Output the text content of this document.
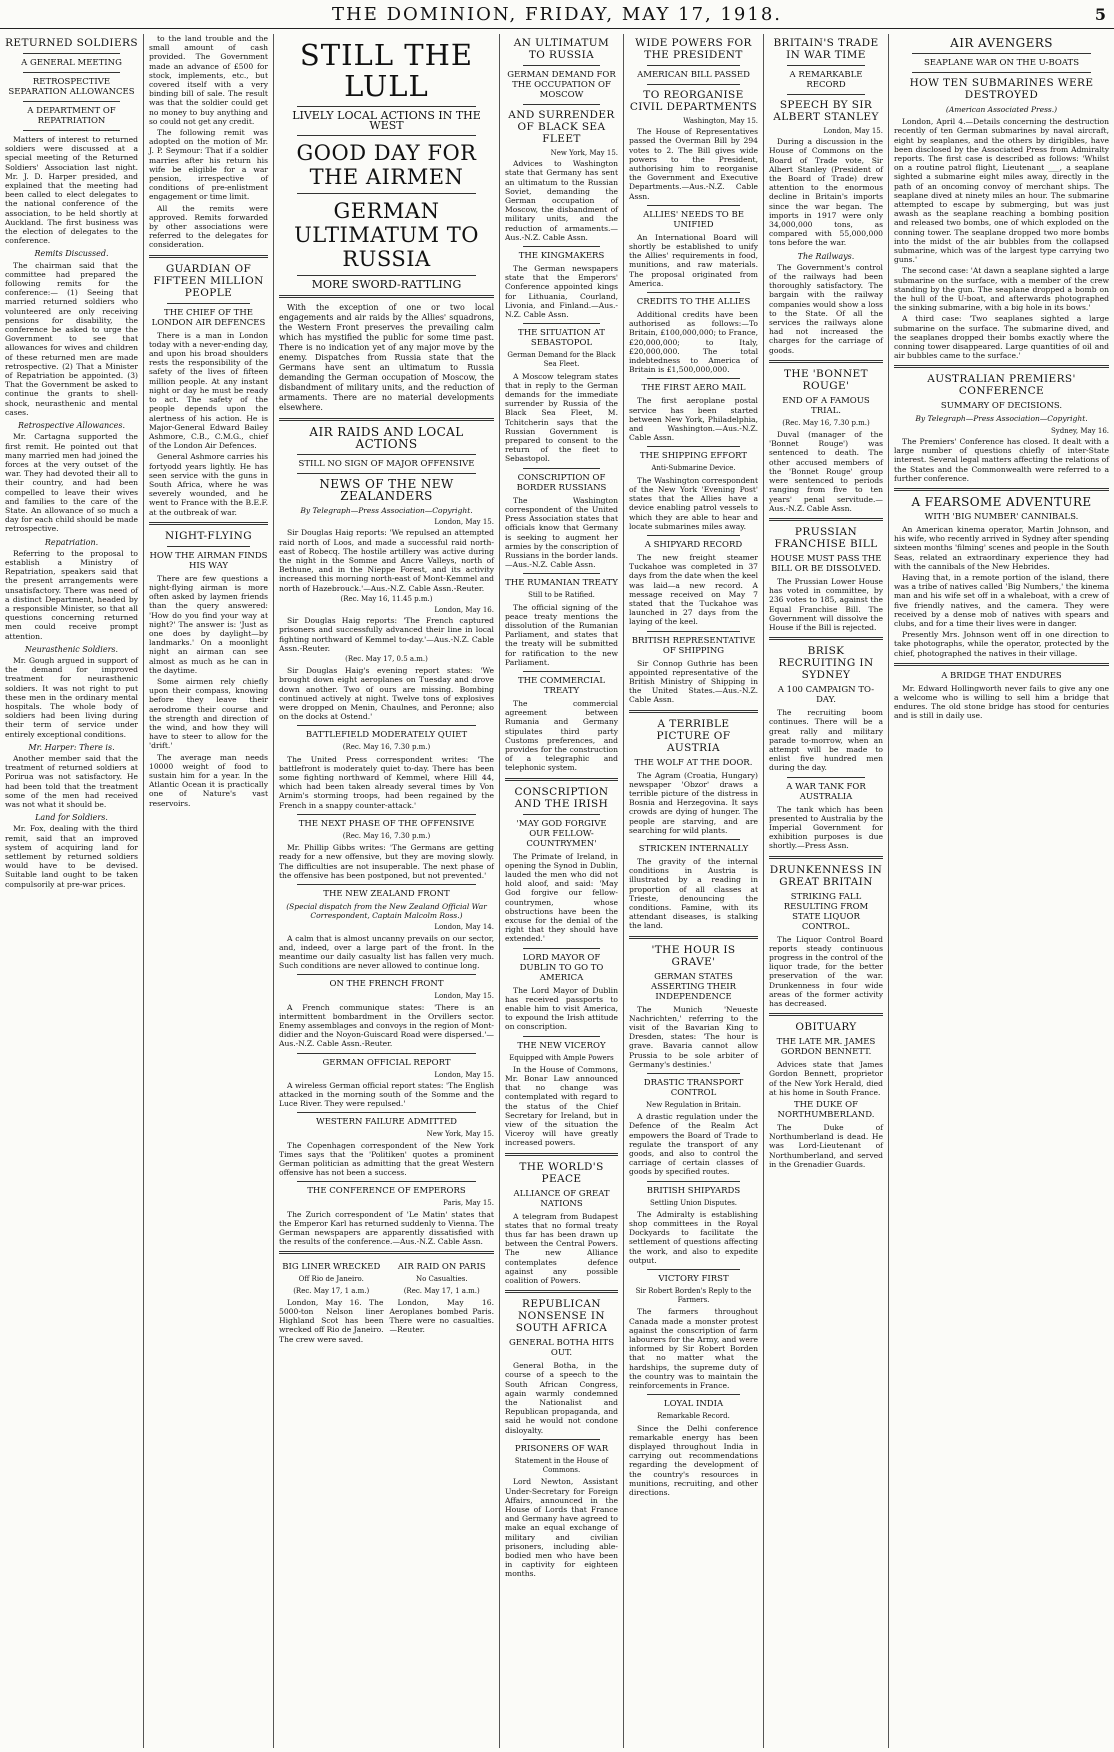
THE DOMINION, FRIDAY, MAY 17, 1918.	5
RETURNED SOLDIERS
A GENERAL MEETING
RETROSPECTIVE SEPARATION ALLOWANCES
A DEPARTMENT OF REPATRIATION

Matters of interest to returned soldiers were discussed at a special meeting of the Returned Soldiers' Association last night. Mr. J. D. Harper presided, and explained that the meeting had been called to elect delegates to the national conference of the association, to be held shortly at Auckland. The first business was the election of delegates to the conference.

Remits Discussed.

The chairman said that the committee had prepared the following remits for the conference:— (1) Seeing that married returned soldiers who volunteered are only receiving pensions for disability, the conference be asked to urge the Government to see that allowances for wives and children of these returned men are made retrospective. (2) That a Minister of Repatriation be appointed. (3) That the Government be asked to continue the grants to shell-shock, neurasthenic and mental cases.

Retrospective Allowances.

Mr. Cartagna supported the first remit. He pointed out that many married men had joined the forces at the very outset of the war. They had devoted their all to their country, and had been compelled to leave their wives and families to the care of the State. An allowance of so much a day for each child should be made retrospective.

Repatriation.

Referring to the proposal to establish a Ministry of Repatriation, speakers said that the present arrangements were unsatisfactory. There was need of a distinct Department, headed by a responsible Minister, so that all questions concerning returned men could receive prompt attention.

Neurasthenic Soldiers.

Mr. Gough argued in support of the demand for improved treatment for neurasthenic soldiers. It was not right to put these men in the ordinary mental hospitals. The whole body of soldiers had been living during their term of service under entirely exceptional conditions.

Mr. Harper: There is.

Another member said that the treatment of returned soldiers at Porirua was not satisfactory. He had been told that the treatment some of the men had received was not what it should be.

Land for Soldiers.

Mr. Fox, dealing with the third remit, said that an improved system of acquiring land for settlement by returned soldiers would have to be devised. Suitable land ought to be taken compulsorily at pre-war prices.

to the land trouble and the small amount of cash provided. The Government made an advance of £500 for stock, implements, etc., but covered itself with a very binding bill of sale. The result was that the soldier could get no money to buy anything and so could not get any credit.

The following remit was adopted on the motion of Mr. J. P. Seymour: That if a soldier marries after his return his wife be eligible for a war pension, irrespective of conditions of pre-enlistment engagement or time limit.

All the remits were approved. Remits forwarded by other associations were referred to the delegates for consideration.

GUARDIAN OF FIFTEEN MILLION PEOPLE
THE CHIEF OF THE LONDON AIR DEFENCES

There is a man in London today with a never-ending day, and upon his broad shoulders rests the responsibility of the safety of the lives of fifteen million people. At any instant night or day he must be ready to act. The safety of the people depends upon the alertness of his action. He is Major-General Edward Bailey Ashmore, C.B., C.M.G., chief of the London Air Defences.

General Ashmore carries his fortyodd years lightly. He has seen service with the guns in South Africa, where he was severely wounded, and he went to France with the B.E.F. at the outbreak of war.

NIGHT-FLYING
HOW THE AIRMAN FINDS HIS WAY

There are few questions a night-flying airman is more often asked by laymen friends than the query answered: 'How do you find your way at night?' The answer is: 'Just as one does by daylight—by landmarks.' On a moonlight night an airman can see almost as much as he can in the daytime.

Some airmen rely chiefly upon their compass, knowing before they leave their aerodrome their course and the strength and direction of the wind, and how they will have to steer to allow for the 'drift.'

The average man needs 10000 weight of food to sustain him for a year. In the Atlantic Ocean it is practically one of Nature's vast reservoirs.

STILL THE LULL
LIVELY LOCAL ACTIONS IN THE WEST
GOOD DAY FOR THE AIRMEN
GERMAN ULTIMATUM TO RUSSIA
MORE SWORD-RATTLING

With the exception of one or two local engagements and air raids by the Allies' squadrons, the Western Front preserves the prevailing calm which has mystified the public for some time past. There is no indication yet of any major move by the enemy. Dispatches from Russia state that the Germans have sent an ultimatum to Russia demanding the German occupation of Moscow, the disbandment of military units, and the reduction of armaments. There are no material developments elsewhere.

AIR RAIDS AND LOCAL ACTIONS
STILL NO SIGN OF MAJOR OFFENSIVE
NEWS OF THE NEW ZEALANDERS
By Telegraph—Press Association—Copyright.
London, May 15.

Sir Douglas Haig reports: 'We repulsed an attempted raid north of Loos, and made a successful raid north-east of Robecq. The hostile artillery was active during the night in the Somme and Ancre Valleys, north of Bethune, and in the Nieppe Forest, and its activity increased this morning north-east of Mont-Kemmel and north of Hazebrouck.'—Aus.-N.Z. Cable Assn.-Reuter.

(Rec. May 16, 11.45 p.m.)
London, May 16.

Sir Douglas Haig reports: 'The French captured prisoners and successfully advanced their line in local fighting northward of Kemmel to-day.'—Aus.-N.Z. Cable Assn.-Reuter.

(Rec. May 17, 0.5 a.m.)

Sir Douglas Haig's evening report states: 'We brought down eight aeroplanes on Tuesday and drove down another. Two of ours are missing. Bombing continued actively at night. Twelve tons of explosives were dropped on Menin, Chaulnes, and Peronne; also on the docks at Ostend.'

BATTLEFIELD MODERATELY QUIET
(Rec. May 16, 7.30 p.m.)

The United Press correspondent writes: 'The battlefront is moderately quiet to-day. There has been some fighting northward of Kemmel, where Hill 44, which had been taken already several times by Von Arnim's storming troops, had been regained by the French in a snappy counter-attack.'

THE NEXT PHASE OF THE OFFENSIVE
(Rec. May 16, 7.30 p.m.)

Mr. Phillip Gibbs writes: 'The Germans are getting ready for a new offensive, but they are moving slowly. The difficulties are not insuperable. The next phase of the offensive has been postponed, but not prevented.'

THE NEW ZEALAND FRONT
(Special dispatch from the New Zealand Official War Correspondent, Captain Malcolm Ross.)
London, May 14.

A calm that is almost uncanny prevails on our sector, and, indeed, over a large part of the front. In the meantime our daily casualty list has fallen very much. Such conditions are never allowed to continue long.

ON THE FRENCH FRONT
London, May 15.

A French communique states: 'There is an intermittent bombardment in the Orvillers sector. Enemy assemblages and convoys in the region of Mont-didier and the Noyon-Guiscard Road were dispersed.'—Aus.-N.Z. Cable Assn.-Reuter.

GERMAN OFFICIAL REPORT
London, May 15.

A wireless German official report states: 'The English attacked in the morning south of the Somme and the Luce River. They were repulsed.'

WESTERN FAILURE ADMITTED
New York, May 15.

The Copenhagen correspondent of the New York Times says that the 'Politiken' quotes a prominent German politician as admitting that the great Western offensive has not been a success.

THE CONFERENCE OF EMPERORS
Paris, May 15.

The Zurich correspondent of 'Le Matin' states that the Emperor Karl has returned suddenly to Vienna. The German newspapers are apparently dissatisfied with the results of the conference.—Aus.-N.Z. Cable Assn.

BIG LINER WRECKED
Off Rio de Janeiro.
(Rec. May 17, 1 a.m.)

London, May 16. The 5000-ton Nelson liner Highland Scot has been wrecked off Rio de Janeiro. The crew were saved.

AIR RAID ON PARIS
No Casualties.
(Rec. May 17, 1 a.m.)

London, May 16. Aeroplanes bombed Paris. There were no casualties.—Reuter.

AN ULTIMATUM TO RUSSIA
GERMAN DEMAND FOR THE OCCUPATION OF MOSCOW
AND SURRENDER OF BLACK SEA FLEET
New York, May 15.

Advices to Washington state that Germany has sent an ultimatum to the Russian Soviet, demanding the German occupation of Moscow, the disbandment of military units, and the reduction of armaments.—Aus.-N.Z. Cable Assn.

THE KINGMAKERS

The German newspapers state that the Emperors' Conference appointed kings for Lithuania, Courland, Livonia, and Finland.—Aus.-N.Z. Cable Assn.

THE SITUATION AT SEBASTOPOL
German Demand for the Black Sea Fleet.

A Moscow telegram states that in reply to the German demands for the immediate surrender by Russia of the Black Sea Fleet, M. Tchitcherin says that the Russian Government is prepared to consent to the return of the fleet to Sebastopol.

CONSCRIPTION OF BORDER RUSSIANS

The Washington correspondent of the United Press Association states that officials know that Germany is seeking to augment her armies by the conscription of Russians in the border lands.—Aus.-N.Z. Cable Assn.

THE RUMANIAN TREATY
Still to be Ratified.

The official signing of the peace treaty mentions the dissolution of the Rumanian Parliament, and states that the treaty will be submitted for ratification to the new Parliament.

THE COMMERCIAL TREATY

The commercial agreement between Rumania and Germany stipulates third party Customs preferences, and provides for the construction of a telegraphic and telephonic system.

CONSCRIPTION AND THE IRISH
'MAY GOD FORGIVE OUR FELLOW-COUNTRYMEN'

The Primate of Ireland, in opening the Synod in Dublin, lauded the men who did not hold aloof, and said: 'May God forgive our fellow-countrymen, whose obstructions have been the excuse for the denial of the right that they should have extended.'

LORD MAYOR OF DUBLIN TO GO TO AMERICA

The Lord Mayor of Dublin has received passports to enable him to visit America, to expound the Irish attitude on conscription.

THE NEW VICEROY
Equipped with Ample Powers

In the House of Commons, Mr. Bonar Law announced that no change was contemplated with regard to the status of the Chief Secretary for Ireland, but in view of the situation the Viceroy will have greatly increased powers.

THE WORLD'S PEACE
ALLIANCE OF GREAT NATIONS

A telegram from Budapest states that no formal treaty thus far has been drawn up between the Central Powers. The new Alliance contemplates defence against any possible coalition of Powers.

REPUBLICAN NONSENSE IN SOUTH AFRICA
GENERAL BOTHA HITS OUT.

General Botha, in the course of a speech to the South African Congress, again warmly condemned the Nationalist and Republican propaganda, and said he would not condone disloyalty.

PRISONERS OF WAR
Statement in the House of Commons.

Lord Newton, Assistant Under-Secretary for Foreign Affairs, announced in the House of Lords that France and Germany have agreed to make an equal exchange of military and civilian prisoners, including able-bodied men who have been in captivity for eighteen months.

WIDE POWERS FOR THE PRESIDENT
AMERICAN BILL PASSED
TO REORGANISE CIVIL DEPARTMENTS
Washington, May 15.

The House of Representatives passed the Overman Bill by 294 votes to 2. The Bill gives wide powers to the President, authorising him to reorganise the Government and Executive Departments.—Aus.-N.Z. Cable Assn.

ALLIES' NEEDS TO BE UNIFIED

An International Board will shortly be established to unify the Allies' requirements in food, munitions, and raw materials. The proposal originated from America.

CREDITS TO THE ALLIES

Additional credits have been authorised as follows:—To Britain, £100,000,000; to France, £20,000,000; to Italy, £20,000,000. The total indebtedness to America of Britain is £1,500,000,000.

THE FIRST AERO MAIL

The first aeroplane postal service has been started between New York, Philadelphia, and Washington.—Aus.-N.Z. Cable Assn.

THE SHIPPING EFFORT
Anti-Submarine Device.

The Washington correspondent of the New York 'Evening Post' states that the Allies have a device enabling patrol vessels to which they are able to hear and locate submarines miles away.

A SHIPYARD RECORD

The new freight steamer Tuckahoe was completed in 37 days from the date when the keel was laid—a new record. A message received on May 7 stated that the Tuckahoe was launched in 27 days from the laying of the keel.

BRITISH REPRESENTATIVE OF SHIPPING

Sir Connop Guthrie has been appointed representative of the British Ministry of Shipping in the United States.—Aus.-N.Z. Cable Assn.

A TERRIBLE PICTURE OF AUSTRIA
THE WOLF AT THE DOOR.

The Agram (Croatia, Hungary) newspaper 'Obzor' draws a terrible picture of the distress in Bosnia and Herzegovina. It says crowds are dying of hunger. The people are starving, and are searching for wild plants.

STRICKEN INTERNALLY

The gravity of the internal conditions in Austria is illustrated by a reading in proportion of all classes at Trieste, denouncing the conditions. Famine, with its attendant diseases, is stalking the land.

'THE HOUR IS GRAVE'
GERMAN STATES ASSERTING THEIR INDEPENDENCE

The Munich 'Neueste Nachrichten,' referring to the visit of the Bavarian King to Dresden, states: 'The hour is grave. Bavaria cannot allow Prussia to be sole arbiter of Germany's destinies.'

DRASTIC TRANSPORT CONTROL
New Regulation in Britain.

A drastic regulation under the Defence of the Realm Act empowers the Board of Trade to regulate the transport of any goods, and also to control the carriage of certain classes of goods by specified routes.

BRITISH SHIPYARDS
Settling Union Disputes.

The Admiralty is establishing shop committees in the Royal Dockyards to facilitate the settlement of questions affecting the work, and also to expedite output.

VICTORY FIRST
Sir Robert Borden's Reply to the Farmers.

The farmers throughout Canada made a monster protest against the conscription of farm labourers for the Army, and were informed by Sir Robert Borden that no matter what the hardships, the supreme duty of the country was to maintain the reinforcements in France.

LOYAL INDIA
Remarkable Record.

Since the Delhi conference remarkable energy has been displayed throughout India in carrying out recommendations regarding the development of the country's resources in munitions, recruiting, and other directions.

BRITAIN'S TRADE IN WAR TIME
A REMARKABLE RECORD
SPEECH BY SIR ALBERT STANLEY
London, May 15.

During a discussion in the House of Commons on the Board of Trade vote, Sir Albert Stanley (President of the Board of Trade) drew attention to the enormous decline in Britain's imports since the war began. The imports in 1917 were only 34,000,000 tons, as compared with 55,000,000 tons before the war.

The Railways.

The Government's control of the railways had been thoroughly satisfactory. The bargain with the railway companies would show a loss to the State. Of all the services the railways alone had not increased the charges for the carriage of goods.

THE 'BONNET ROUGE'
END OF A FAMOUS TRIAL.
(Rec. May 16, 7.30 p.m.)

Duval (manager of the 'Bonnet Rouge') was sentenced to death. The other accused members of the 'Bonnet Rouge' group were sentenced to periods ranging from five to ten years' penal servitude.—Aus.-N.Z. Cable Assn.

PRUSSIAN FRANCHISE BILL
HOUSE MUST PASS THE BILL OR BE DISSOLVED.

The Prussian Lower House has voted in committee, by 236 votes to 185, against the Equal Franchise Bill. The Government will dissolve the House if the Bill is rejected.

BRISK RECRUITING IN SYDNEY
A 100 CAMPAIGN TO-DAY.

The recruiting boom continues. There will be a great rally and military parade to-morrow, when an attempt will be made to enlist five hundred men during the day.

A WAR TANK FOR AUSTRALIA

The tank which has been presented to Australia by the Imperial Government for exhibition purposes is due shortly.—Press Assn.

DRUNKENNESS IN GREAT BRITAIN
STRIKING FALL RESULTING FROM STATE LIQUOR CONTROL.

The Liquor Control Board reports steady continuous progress in the control of the liquor trade, for the better preservation of the war. Drunkenness in four wide areas of the former activity has decreased.

OBITUARY
THE LATE MR. JAMES GORDON BENNETT.

Advices state that James Gordon Bennett, proprietor of the New York Herald, died at his home in South France.

THE DUKE OF NORTHUMBERLAND.

The Duke of Northumberland is dead. He was Lord-Lieutenant of Northumberland, and served in the Grenadier Guards.

AIR AVENGERS
SEAPLANE WAR ON THE U-BOATS
HOW TEN SUBMARINES WERE DESTROYED
(American Associated Press.)

London, April 4.—Details concerning the destruction recently of ten German submarines by naval aircraft, eight by seaplanes, and the others by dirigibles, have been disclosed by the Associated Press from Admiralty reports. The first case is described as follows: 'Whilst on a routine patrol flight, Lieutenant ___, a seaplane sighted a submarine eight miles away, directly in the path of an oncoming convoy of merchant ships. The seaplane dived at ninety miles an hour. The submarine attempted to escape by submerging, but was just awash as the seaplane reaching a bombing position and released two bombs, one of which exploded on the conning tower. The seaplane dropped two more bombs into the midst of the air bubbles from the collapsed submarine, which was of the largest type carrying two guns.'

The second case: 'At dawn a seaplane sighted a large submarine on the surface, with a member of the crew standing by the gun. The seaplane dropped a bomb on the hull of the U-boat, and afterwards photographed the sinking submarine, with a big hole in its bows.'

A third case: 'Two seaplanes sighted a large submarine on the surface. The submarine dived, and the seaplanes dropped their bombs exactly where the conning tower disappeared. Large quantities of oil and air bubbles came to the surface.'

AUSTRALIAN PREMIERS' CONFERENCE
SUMMARY OF DECISIONS.
By Telegraph—Press Association—Copyright.
Sydney, May 16.

The Premiers' Conference has closed. It dealt with a large number of questions chiefly of inter-State interest. Several legal matters affecting the relations of the States and the Commonwealth were referred to a further conference.

A FEARSOME ADVENTURE
WITH 'BIG NUMBER' CANNIBALS.

An American kinema operator, Martin Johnson, and his wife, who recently arrived in Sydney after spending sixteen months 'filming' scenes and people in the South Seas, related an extraordinary experience they had with the cannibals of the New Hebrides.

Having that, in a remote portion of the island, there was a tribe of natives called 'Big Numbers,' the kinema man and his wife set off in a whaleboat, with a crew of five friendly natives, and the camera. They were received by a dense mob of natives with spears and clubs, and for a time their lives were in danger.

Presently Mrs. Johnson went off in one direction to take photographs, while the operator, protected by the chief, photographed the natives in their village.

A BRIDGE THAT ENDURES

Mr. Edward Hollingworth never fails to give any one a welcome who is willing to sell him a bridge that endures. The old stone bridge has stood for centuries and is still in daily use.
